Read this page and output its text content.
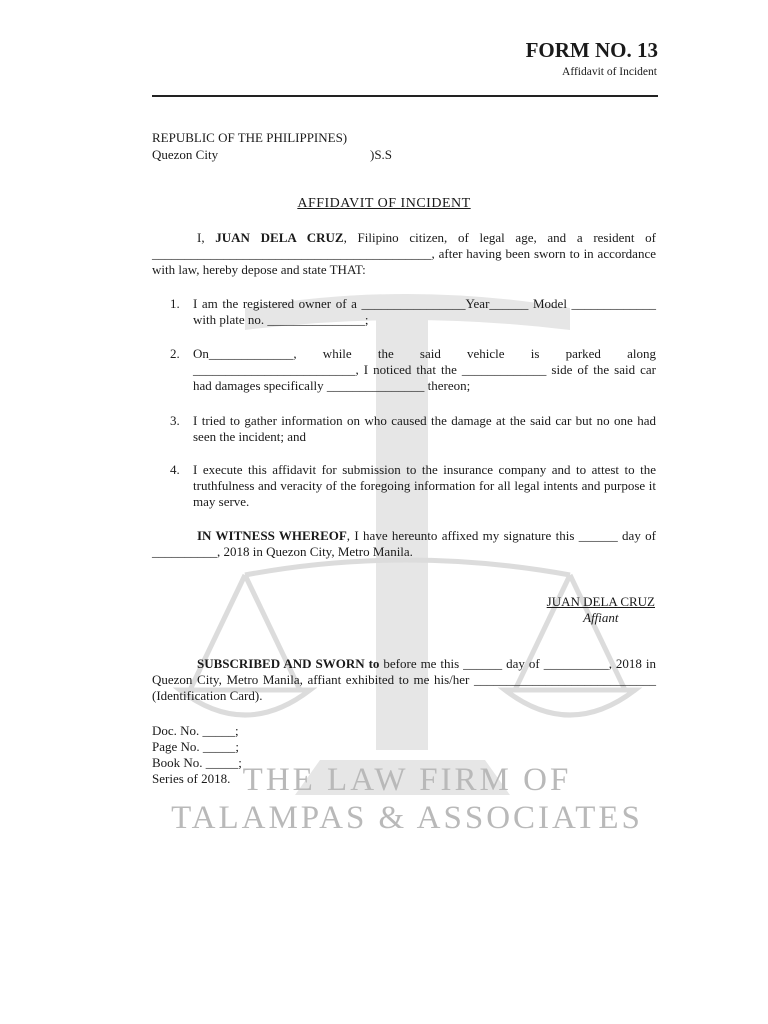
THE LAW FIRM OF
TALAMPAS & ASSOCIATES
FORM NO. 13
Affidavit of Incident
REPUBLIC OF THE PHILIPPINES)
Quezon City	)S.S
AFFIDAVIT OF INCIDENT
I, JUAN DELA CRUZ, Filipino citizen, of legal age, and a resident of ___________________________________________, after having been sworn to in accordance with law, hereby depose and state THAT:
1. I am the registered owner of a ________________Year______ Model _____________ with plate no. _______________;
2. On_____________, while the said vehicle is parked along _________________________, I noticed that the _____________ side of the said car had damages specifically _______________ thereon;
3. I tried to gather information on who caused the damage at the said car but no one had seen the incident; and
4. I execute this affidavit for submission to the insurance company and to attest to the truthfulness and veracity of the foregoing information for all legal intents and purpose it may serve.
IN WITNESS WHEREOF, I have hereunto affixed my signature this ______ day of __________, 2018 in Quezon City, Metro Manila.
JUAN DELA CRUZ
Affiant
SUBSCRIBED AND SWORN to before me this ______ day of __________, 2018 in Quezon City, Metro Manila, affiant exhibited to me his/her ____________________________ (Identification Card).
Doc. No. _____;
Page No. _____;
Book No. _____;
Series of 2018.
